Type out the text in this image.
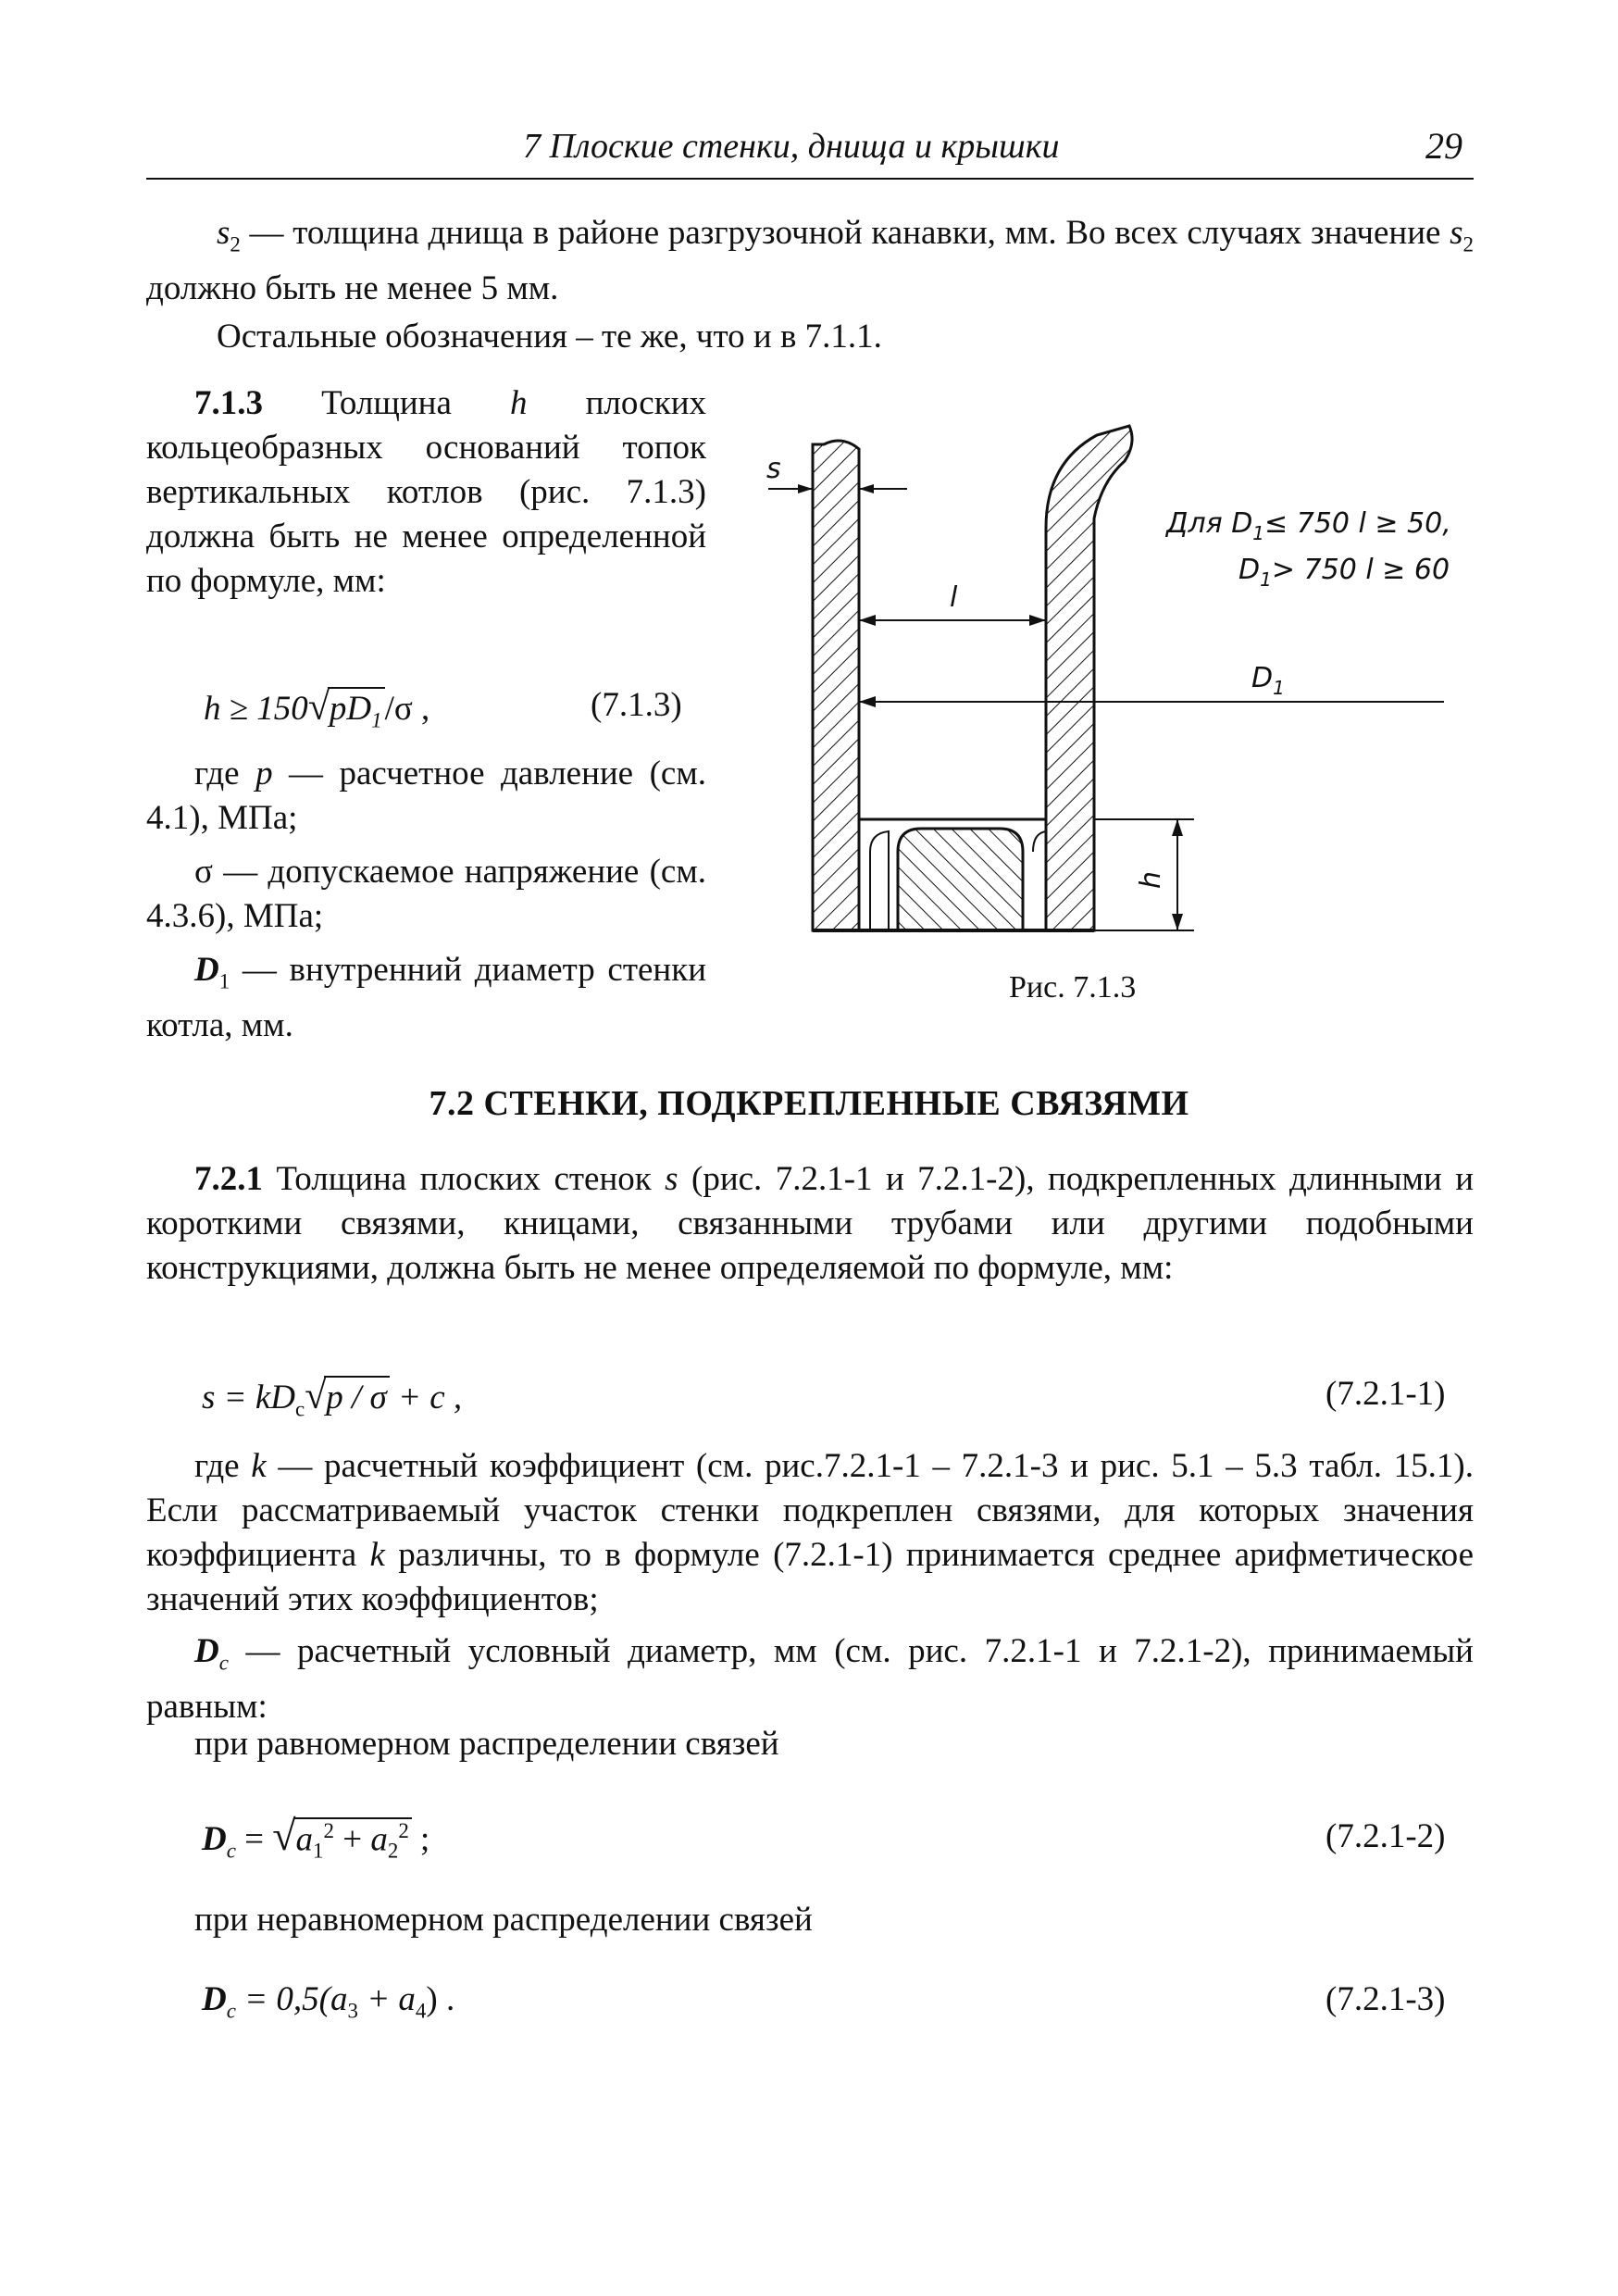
7 Плоские стенки, днища и крышки	29
$s_2$ — толщина днища в районе разгрузочной канавки, мм. Во всех случаях значение $s_2$ должно быть не менее 5 мм.
Остальные обозначения – те же, что и в 7.1.1.
7.1.3 Толщина h плоских кольцеобразных оснований топок вертикальных котлов (рис. 7.1.3) должна быть не менее определенной по формуле, мм:
$h \ge 150√pD_1/\sigma$ ,	(7.1.3)
где p — расчетное давление (см. 4.1), МПа;
σ — допускаемое напряжение (см. 4.3.6), МПа;
$D_1$ — внутренний диаметр стенки котла, мм.
s
l
$D_1$
h
Для $D_1\le 750$ l ≥ 50,
$D_1> 750$ l ≥ 60
Рис. 7.1.3
7.2 СТЕНКИ, ПОДКРЕПЛЕННЫЕ СВЯЗЯМИ
7.2.1 Толщина плоских стенок s (рис. 7.2.1-1 и 7.2.1-2), подкрепленных длинными и короткими связями, кницами, связанными трубами или другими подобными конструкциями, должна быть не менее определяемой по формуле, мм:
$s = kD_c√p / \sigma + c$ ,	(7.2.1-1)
где k — расчетный коэффициент (см. рис.7.2.1-1 – 7.2.1-3 и рис. 5.1 – 5.3 табл. 15.1). Если рассматриваемый участок стенки подкреплен связями, для которых значения коэффициента k различны, то в формуле (7.2.1-1) принимается среднее арифметическое значений этих коэффициентов;
$D_c$ — расчетный условный диаметр, мм (см. рис. 7.2.1-1 и 7.2.1-2), принимаемый равным:
при равномерном распределении связей
$D_c = √a_1^2 + a_2^2$ ;	(7.2.1-2)
при неравномерном распределении связей
$D_c = 0,5(a_3 + a_4)$ .	(7.2.1-3)
